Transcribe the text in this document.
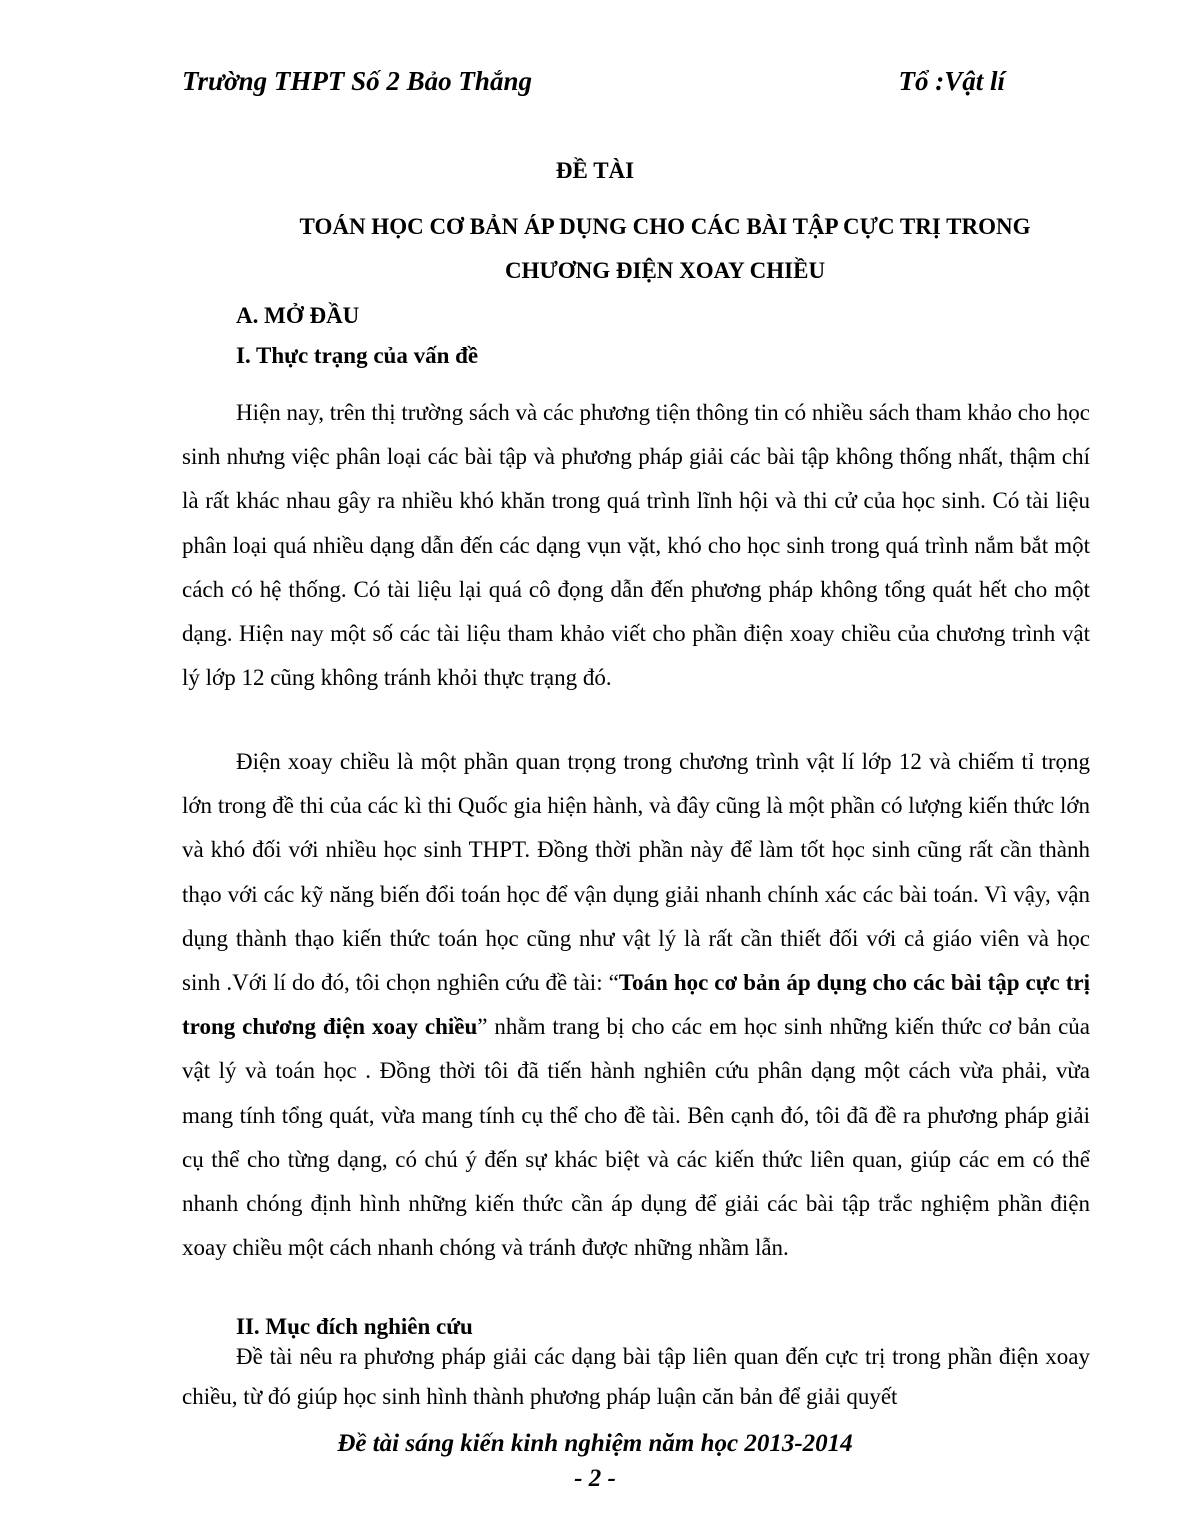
Trường THPT Số 2 Bảo Thắng	Tổ :Vật lí
ĐỀ TÀI
TOÁN HỌC CƠ BẢN ÁP DỤNG CHO CÁC BÀI TẬP CỰC TRỊ TRONG
CHƯƠNG ĐIỆN XOAY CHIỀU
A. MỞ ĐẦU
I. Thực trạng của vấn đề

Hiện nay, trên thị trường sách và các phương tiện thông tin có nhiều sách tham khảo cho học sinh nhưng việc phân loại các bài tập và phương pháp giải các bài tập không thống nhất, thậm chí là rất khác nhau gây ra nhiều khó khăn trong quá trình lĩnh hội và thi cử của học sinh. Có tài liệu phân loại quá nhiều dạng dẫn đến các dạng vụn vặt, khó cho học sinh trong quá trình nắm bắt một cách có hệ thống. Có tài liệu lại quá cô đọng dẫn đến phương pháp không tổng quát hết cho một dạng. Hiện nay một số các tài liệu tham khảo viết cho phần điện xoay chiều của chương trình vật lý lớp 12 cũng không tránh khỏi thực trạng đó.

Điện xoay chiều là một phần quan trọng trong chương trình vật lí lớp 12 và chiếm tỉ trọng lớn trong đề thi của các kì thi Quốc gia hiện hành, và đây cũng là một phần có lượng kiến thức lớn và khó đối với nhiều học sinh THPT. Đồng thời phần này để làm tốt học sinh cũng rất cần thành thạo với các kỹ năng biến đổi toán học để vận dụng giải nhanh chính xác các bài toán. Vì vậy, vận dụng thành thạo kiến thức toán học cũng như vật lý là rất cần thiết đối với cả giáo viên và học sinh .Với lí do đó, tôi chọn nghiên cứu đề tài: “Toán học cơ bản áp dụng cho các bài tập cực trị trong chương điện xoay chiều” nhằm trang bị cho các em học sinh những kiến thức cơ bản của vật lý và toán học . Đồng thời tôi đã tiến hành nghiên cứu phân dạng một cách vừa phải, vừa mang tính tổng quát, vừa mang tính cụ thể cho đề tài. Bên cạnh đó, tôi đã đề ra phương pháp giải cụ thể cho từng dạng, có chú ý đến sự khác biệt và các kiến thức liên quan, giúp các em có thể nhanh chóng định hình những kiến thức cần áp dụng để giải các bài tập trắc nghiệm phần điện xoay chiều một cách nhanh chóng và tránh được những nhầm lẫn.

II. Mục đích nghiên cứu

Đề tài nêu ra phương pháp giải các dạng bài tập liên quan đến cực trị trong phần điện xoay chiều, từ đó giúp học sinh hình thành phương pháp luận căn bản để giải quyết

Đề tài sáng kiến kinh nghiệm năm học 2013-2014
- 2 -
